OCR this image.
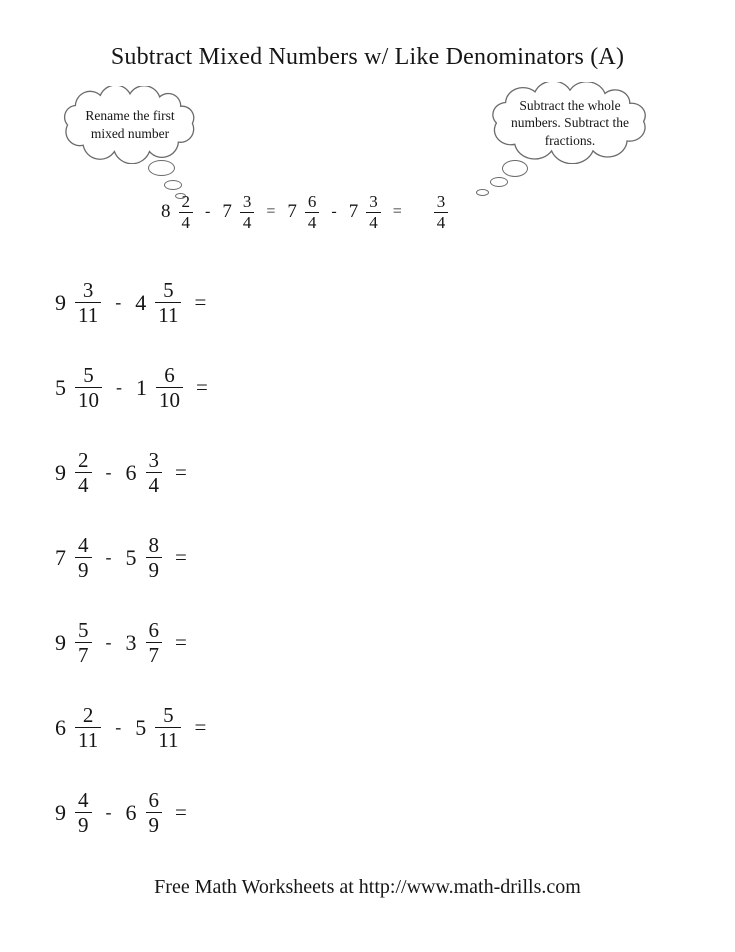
Subtract Mixed Numbers w/ Like Denominators (A)
Rename the first mixed number
Subtract the whole numbers. Subtract the fractions.
$8 \frac{2}{4} - 7 \frac{3}{4} = 7 \frac{6}{4} - 7 \frac{3}{4} = \frac{3}{4}$
$9 \frac{3}{11} - 4 \frac{5}{11}$ =
$5 \frac{5}{10} - 1 \frac{6}{10}$ =
$9 \frac{2}{4} - 6 \frac{3}{4}$ =
$7 \frac{4}{9} - 5 \frac{8}{9}$ =
$9 \frac{5}{7} - 3 \frac{6}{7}$ =
$6 \frac{2}{11} - 5 \frac{5}{11}$ =
$9 \frac{4}{9} - 6 \frac{6}{9}$ =
Free Math Worksheets at http://www.math-drills.com
